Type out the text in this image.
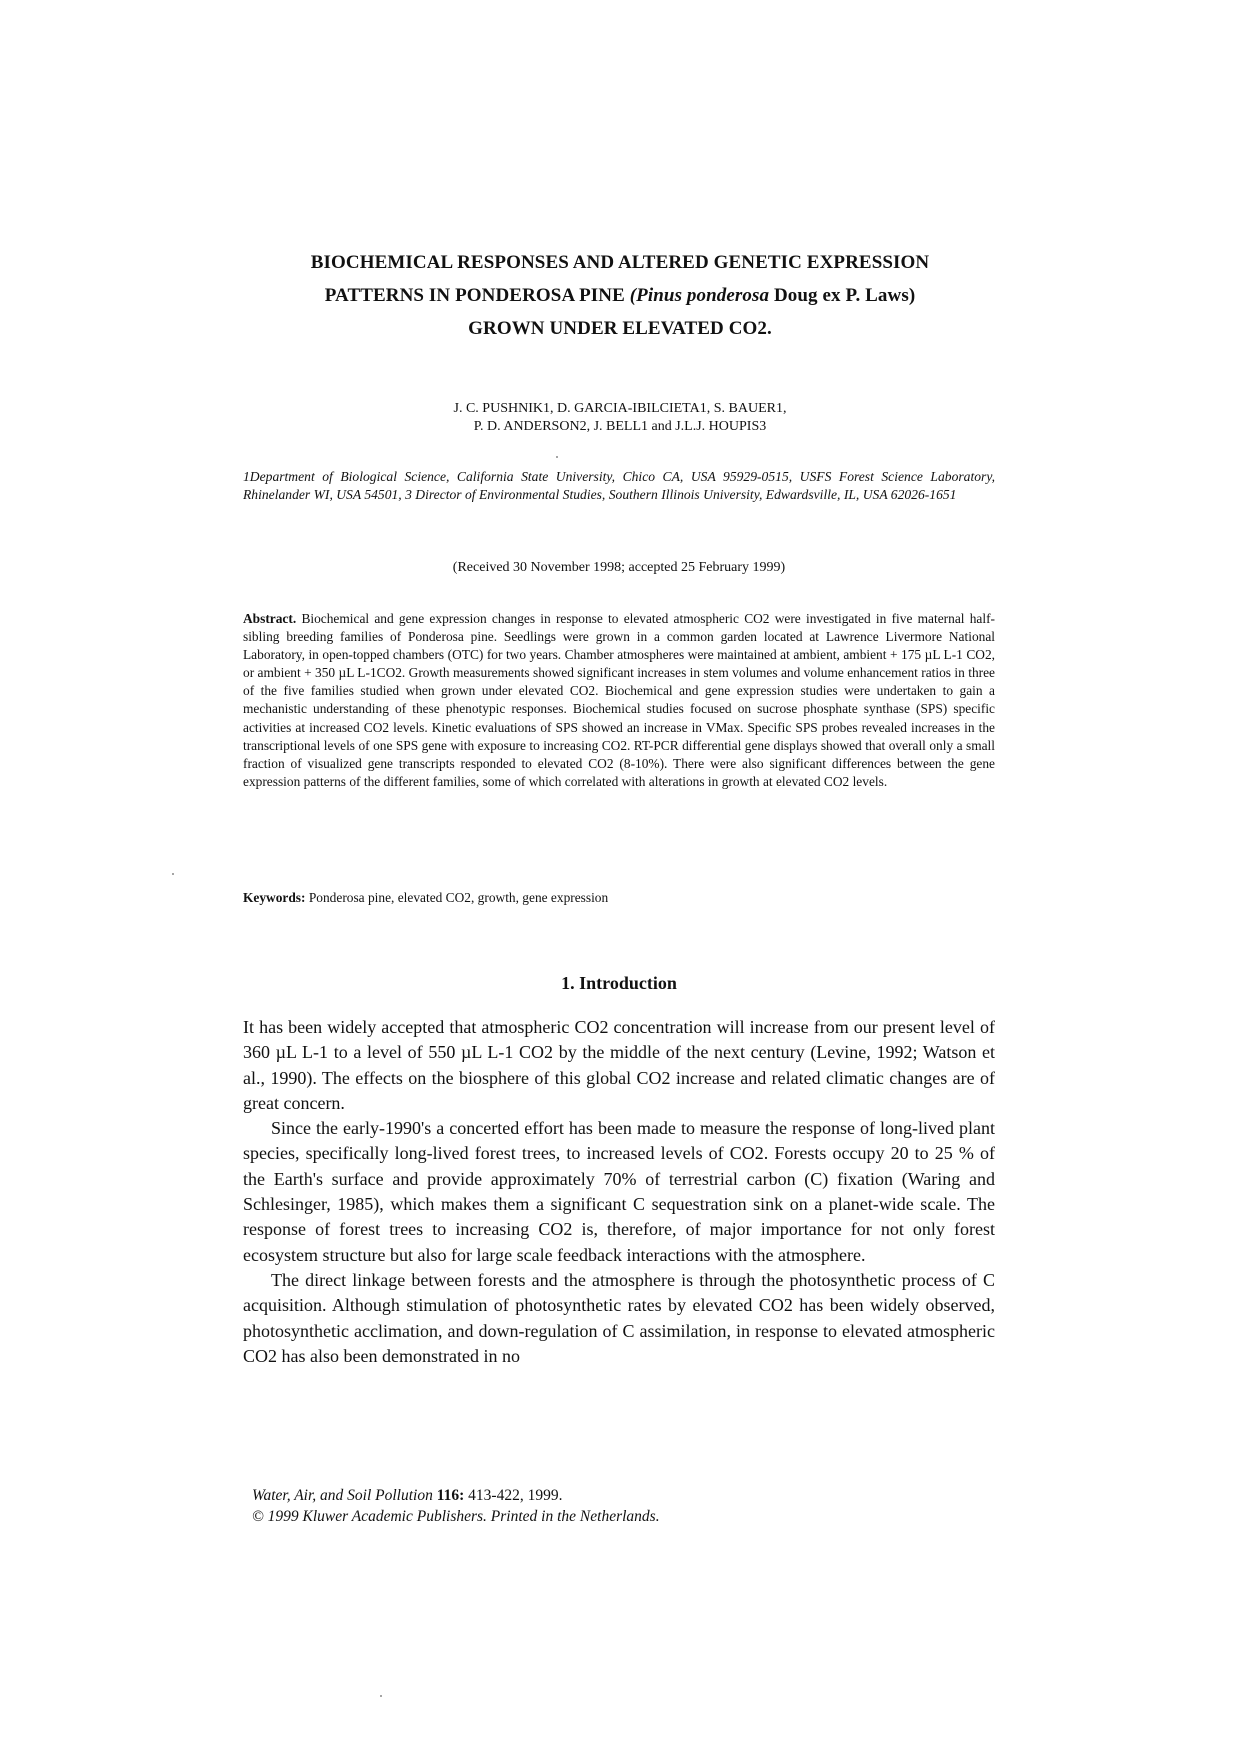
BIOCHEMICAL RESPONSES AND ALTERED GENETIC EXPRESSION
PATTERNS IN PONDEROSA PINE (Pinus ponderosa Doug ex P. Laws)
GROWN UNDER ELEVATED CO2.
J. C. PUSHNIK1, D. GARCIA-IBILCIETA1, S. BAUER1,
P. D. ANDERSON2, J. BELL1 and J.L.J. HOUPIS3
1Department of Biological Science, California State University, Chico CA, USA 95929-0515, USFS Forest Science Laboratory, Rhinelander WI, USA 54501, 3 Director of Environmental Studies, Southern Illinois University, Edwardsville, IL, USA 62026-1651
(Received 30 November 1998; accepted 25 February 1999)
Abstract. Biochemical and gene expression changes in response to elevated atmospheric CO2 were investigated in five maternal half-sibling breeding families of Ponderosa pine. Seedlings were grown in a common garden located at Lawrence Livermore National Laboratory, in open-topped chambers (OTC) for two years. Chamber atmospheres were maintained at ambient, ambient + 175 µL L-1 CO2, or ambient + 350 µL L-1CO2. Growth measurements showed significant increases in stem volumes and volume enhancement ratios in three of the five families studied when grown under elevated CO2. Biochemical and gene expression studies were undertaken to gain a mechanistic understanding of these phenotypic responses. Biochemical studies focused on sucrose phosphate synthase (SPS) specific activities at increased CO2 levels. Kinetic evaluations of SPS showed an increase in VMax. Specific SPS probes revealed increases in the transcriptional levels of one SPS gene with exposure to increasing CO2. RT-PCR differential gene displays showed that overall only a small fraction of visualized gene transcripts responded to elevated CO2 (8-10%). There were also significant differences between the gene expression patterns of the different families, some of which correlated with alterations in growth at elevated CO2 levels.
Keywords: Ponderosa pine, elevated CO2, growth, gene expression
1. Introduction

It has been widely accepted that atmospheric CO2 concentration will increase from our present level of 360 µL L-1 to a level of 550 µL L-1 CO2 by the middle of the next century (Levine, 1992; Watson et al., 1990). The effects on the biosphere of this global CO2 increase and related climatic changes are of great concern.

Since the early-1990's a concerted effort has been made to measure the response of long-lived plant species, specifically long-lived forest trees, to increased levels of CO2. Forests occupy 20 to 25 % of the Earth's surface and provide approximately 70% of terrestrial carbon (C) fixation (Waring and Schlesinger, 1985), which makes them a significant C sequestration sink on a planet-wide scale. The response of forest trees to increasing CO2 is, therefore, of major importance for not only forest ecosystem structure but also for large scale feedback interactions with the atmosphere.

The direct linkage between forests and the atmosphere is through the photosynthetic process of C acquisition. Although stimulation of photosynthetic rates by elevated CO2 has been widely observed, photosynthetic acclimation, and down-regulation of C assimilation, in response to elevated atmospheric CO2 has also been demonstrated in no

Water, Air, and Soil Pollution 116: 413-422, 1999.
© 1999 Kluwer Academic Publishers. Printed in the Netherlands.
